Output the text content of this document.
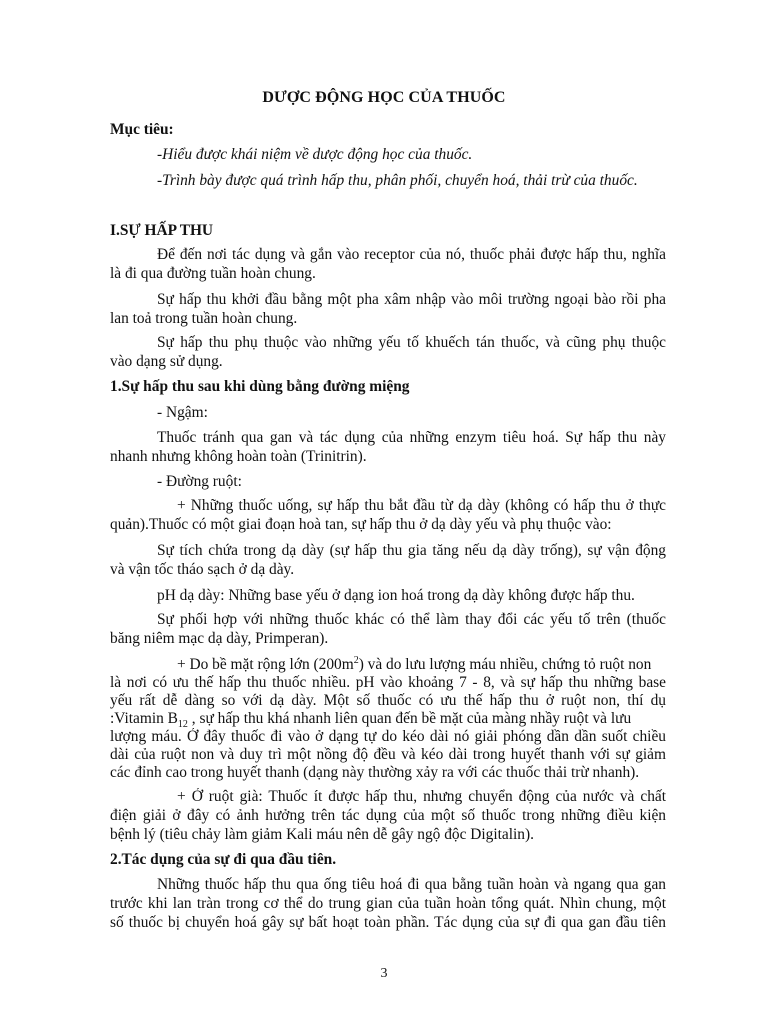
DƯỢC ĐỘNG HỌC CỦA THUỐC
Mục tiêu:
-Hiểu được khái niệm về dược động học của thuốc.
-Trình bày được quá trình hấp thu, phân phối, chuyển hoá, thải trừ của thuốc.
I.SỰ HẤP THU
Để đến nơi tác dụng và gắn vào receptor của nó, thuốc phải được hấp thu, nghĩa
là đi qua đường tuần hoàn chung.
Sự hấp thu khởi đầu bằng một pha xâm nhập vào môi trường ngoại bào rồi pha
lan toả trong tuần hoàn chung.
Sự hấp thu phụ thuộc vào những yếu tố khuếch tán thuốc, và cũng phụ thuộc
vào dạng sử dụng.
1.Sự hấp thu sau khi dùng bằng đường miệng
- Ngậm:
Thuốc tránh qua gan và tác dụng của những enzym tiêu hoá. Sự hấp thu này
nhanh nhưng không hoàn toàn (Trinitrin).
- Đường ruột:
+ Những thuốc uống, sự hấp thu bắt đầu từ dạ dày (không có hấp thu ở thực
quản).Thuốc có một giai đoạn hoà tan, sự hấp thu ở dạ dày yếu và phụ thuộc vào:
Sự tích chứa trong dạ dày (sự hấp thu gia tăng nếu dạ dày trống), sự vận động
và vận tốc tháo sạch ở dạ dày.
pH dạ dày: Những base yếu ở dạng ion hoá trong dạ dày không được hấp thu.
Sự phối hợp với những thuốc khác có thể làm thay đổi các yếu tố trên (thuốc
băng niêm mạc dạ dày, Primperan).
+ Do bề mặt rộng lớn $(200m^2)$ và do lưu lượng máu nhiều, chứng tỏ ruột non
là nơi có ưu thế hấp thu thuốc nhiều. pH vào khoảng 7 - 8, và sự hấp thu những base
yếu rất dễ dàng so với dạ dày. Một số thuốc có ưu thế hấp thu ở ruột non, thí dụ
:Vitamin $B_{12}$ , sự hấp thu khá nhanh liên quan đến bề mặt của màng nhầy ruột và lưu
lượng máu. Ở đây thuốc đi vào ở dạng tự do kéo dài nó giải phóng dần dần suốt chiều
dài của ruột non và duy trì một nồng độ đều và kéo dài trong huyết thanh với sự giảm
các đỉnh cao trong huyết thanh (dạng này thường xảy ra với các thuốc thải trừ nhanh).
+ Ở ruột già: Thuốc ít được hấp thu, nhưng chuyển động của nước và chất
điện giải ở đây có ảnh hưởng trên tác dụng của một số thuốc trong những điều kiện
bệnh lý (tiêu chảy làm giảm Kali máu nên dễ gây ngộ độc Digitalin).
2.Tác dụng của sự đi qua đầu tiên.
Những thuốc hấp thu qua ống tiêu hoá đi qua bằng tuần hoàn và ngang qua gan
trước khi lan tràn trong cơ thể do trung gian của tuần hoàn tổng quát. Nhìn chung, một
số thuốc bị chuyển hoá gây sự bất hoạt toàn phần. Tác dụng của sự đi qua gan đầu tiên
3
